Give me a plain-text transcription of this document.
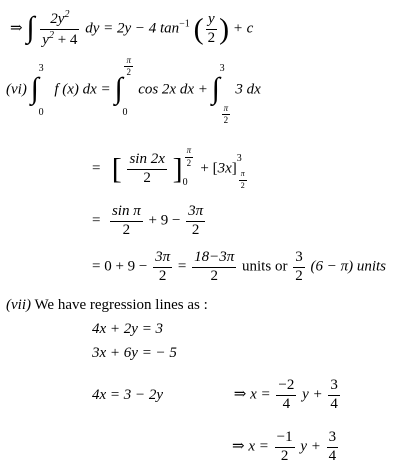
⇒ ∫ $\frac{2y^2}{y^2 + 4}$ dy = 2y − 4 $\tan^{-1}$ ( $\frac{y}{2}$ ) + c
(vi) ∫
3
0
f (x) dx = ∫
$\frac{\pi}{2}$
0
cos 2x dx + ∫
3
$\frac{\pi}{2}$
3 dx
= [ $\frac{\sin 2x}{2}$ ] $\frac{\pi}{2}$
0
+ [3x]
3
$\frac{\pi}{2}$
= $\frac{\text{sin π}}{2} + 9 - \frac{3\pi}{2}$
= $0 + 9 - \frac{3\pi}{2} = \frac{18-3\pi}{2}$ units or $\frac{3}{2} (6 - \pi)$ units
(vii) We have regression lines as :
4x + 2y = 3
3x + 6y = − 5
4x = 3 − 2y	⇒ $x = \frac{-2}{4}$ $y + \frac{3}{4}$
⇒ $x = \frac{-1}{2}$ $y + \frac{3}{4}$
